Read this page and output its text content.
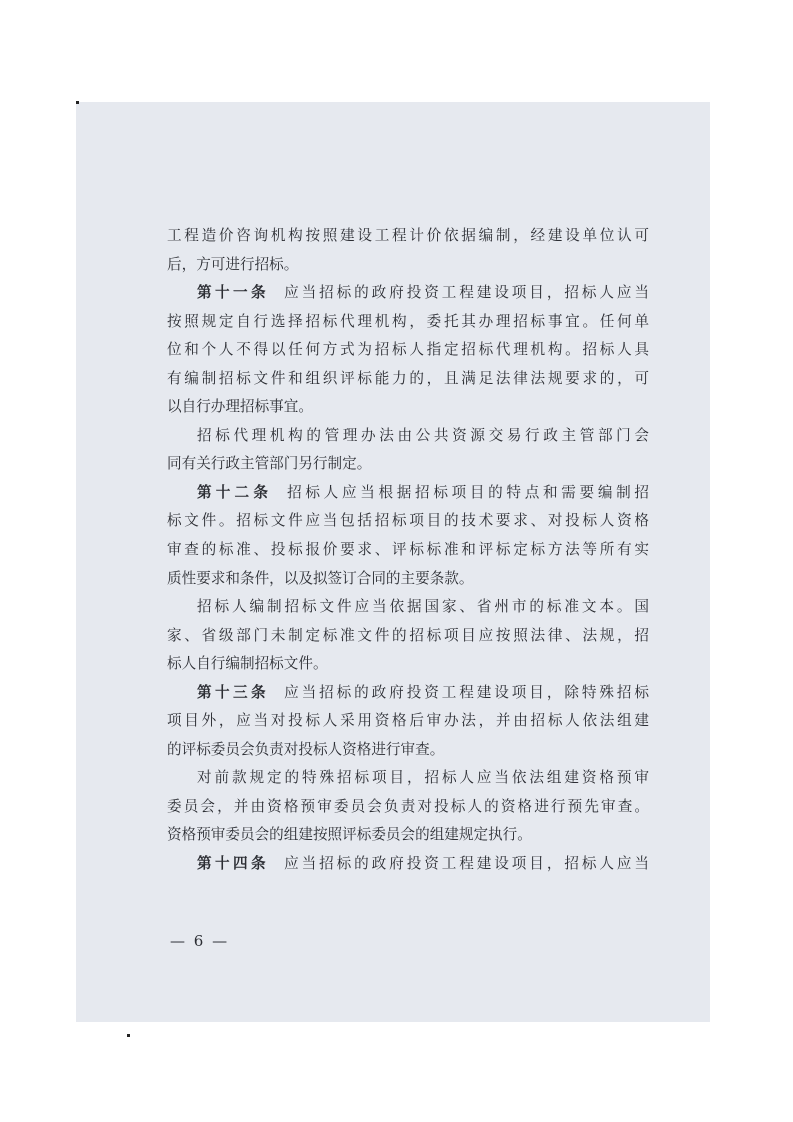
工程造价咨询机构按照建设工程计价依据编制，经建设单位认可
后，方可进行招标。
第十一条 应当招标的政府投资工程建设项目，招标人应当
按照规定自行选择招标代理机构，委托其办理招标事宜。任何单
位和个人不得以任何方式为招标人指定招标代理机构。招标人具
有编制招标文件和组织评标能力的，且满足法律法规要求的，可
以自行办理招标事宜。
招标代理机构的管理办法由公共资源交易行政主管部门会
同有关行政主管部门另行制定。
第十二条 招标人应当根据招标项目的特点和需要编制招
标文件。招标文件应当包括招标项目的技术要求、对投标人资格
审查的标准、投标报价要求、评标标准和评标定标方法等所有实
质性要求和条件，以及拟签订合同的主要条款。
招标人编制招标文件应当依据国家、省州市的标准文本。国
家、省级部门未制定标准文件的招标项目应按照法律、法规，招
标人自行编制招标文件。
第十三条 应当招标的政府投资工程建设项目，除特殊招标
项目外，应当对投标人采用资格后审办法，并由招标人依法组建
的评标委员会负责对投标人资格进行审查。
对前款规定的特殊招标项目，招标人应当依法组建资格预审
委员会，并由资格预审委员会负责对投标人的资格进行预先审查。
资格预审委员会的组建按照评标委员会的组建规定执行。
第十四条 应当招标的政府投资工程建设项目，招标人应当
— 6 —
